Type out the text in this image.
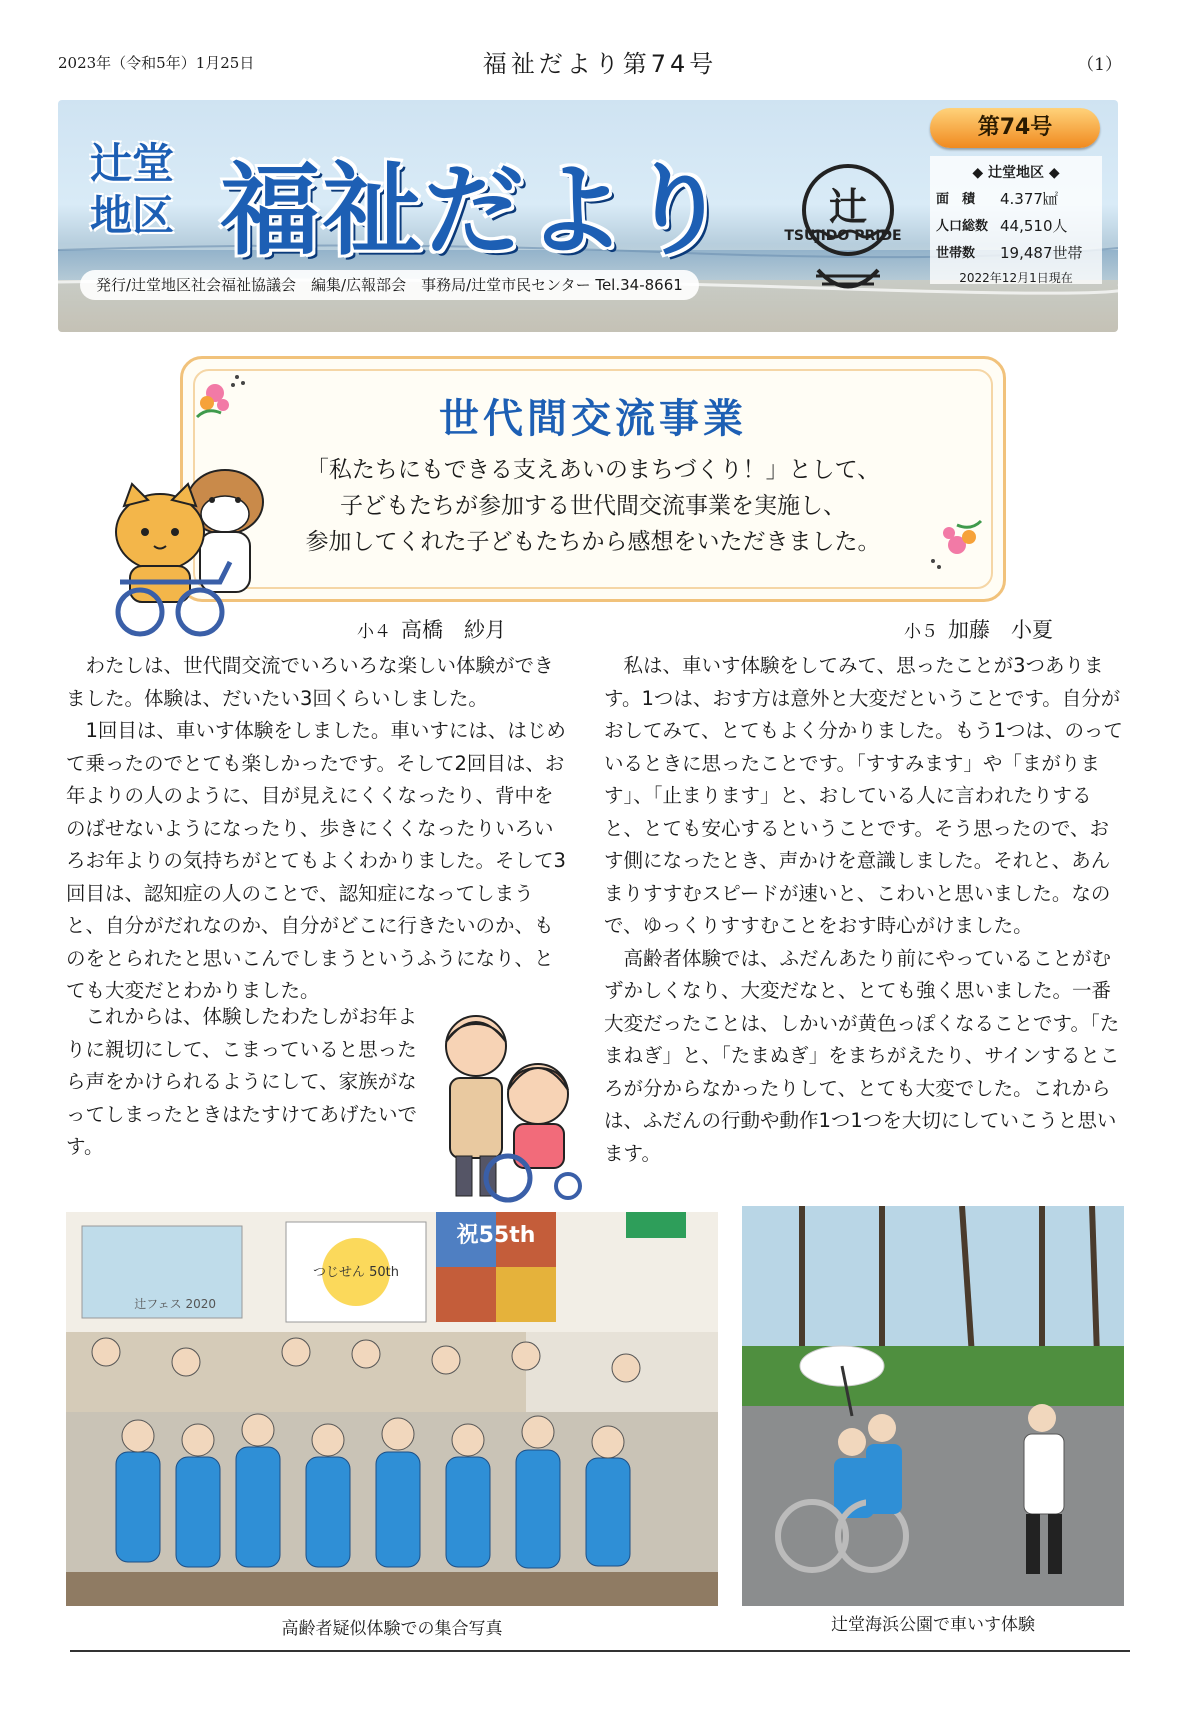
2023年（令和5年）1月25日	福祉だより第74号	（1）
辻堂地区 福祉だより	辻
TSUJIDO PRIDE
第74号
◆ 辻堂地区 ◆
面　積	4.377㎢
人口総数 44,510人
世帯数	19,487世帯
2022年12月1日現在
発行/辻堂地区社会福祉協議会　編集/広報部会　事務局/辻堂市民センター Tel.34-8661
世代間交流事業
「私たちにもできる支えあいのまちづくり！」として、
子どもたちが参加する世代間交流事業を実施し、
参加してくれた子どもたちから感想をいただきました。
小４ 高橋　紗月

わたしは、世代間交流でいろいろな楽しい体験ができました。体験は、だいたい3回くらいしました。

1回目は、車いす体験をしました。車いすには、はじめて乗ったのでとても楽しかったです。そして2回目は、お年よりの人のように、目が見えにくくなったり、背中をのばせないようになったり、歩きにくくなったりいろいろお年よりの気持ちがとてもよくわかりました。そして3回目は、認知症の人のことで、認知症になってしまうと、自分がだれなのか、自分がどこに行きたいのか、ものをとられたと思いこんでしまうというふうになり、とても大変だとわかりました。

これからは、体験したわたしがお年よりに親切にして、こまっていると思ったら声をかけられるようにして、家族がなってしまったときはたすけてあげたいです。

小５ 加藤　小夏

私は、車いす体験をしてみて、思ったことが3つあります。1つは、おす方は意外と大変だということです。自分がおしてみて、とてもよく分かりました。もう1つは、のっているときに思ったことです。「すすみます」や「まがります」、「止まります」と、おしている人に言われたりすると、とても安心するということです。そう思ったので、おす側になったとき、声かけを意識しました。それと、あんまりすすむスピードが速いと、こわいと思いました。なので、ゆっくりすすむことをおす時心がけました。

高齢者体験では、ふだんあたり前にやっていることがむずかしくなり、大変だなと、とても強く思いました。一番大変だったことは、しかいが黄色っぽくなることです。「たまねぎ」と、「たまぬぎ」をまちがえたり、サインするところが分からなかったりして、とても大変でした。これからは、ふだんの行動や動作1つ1つを大切にしていこうと思います。

辻フェス 2020
つじせん 50th
祝55th
高齢者疑似体験での集合写真	辻堂海浜公園で車いす体験
